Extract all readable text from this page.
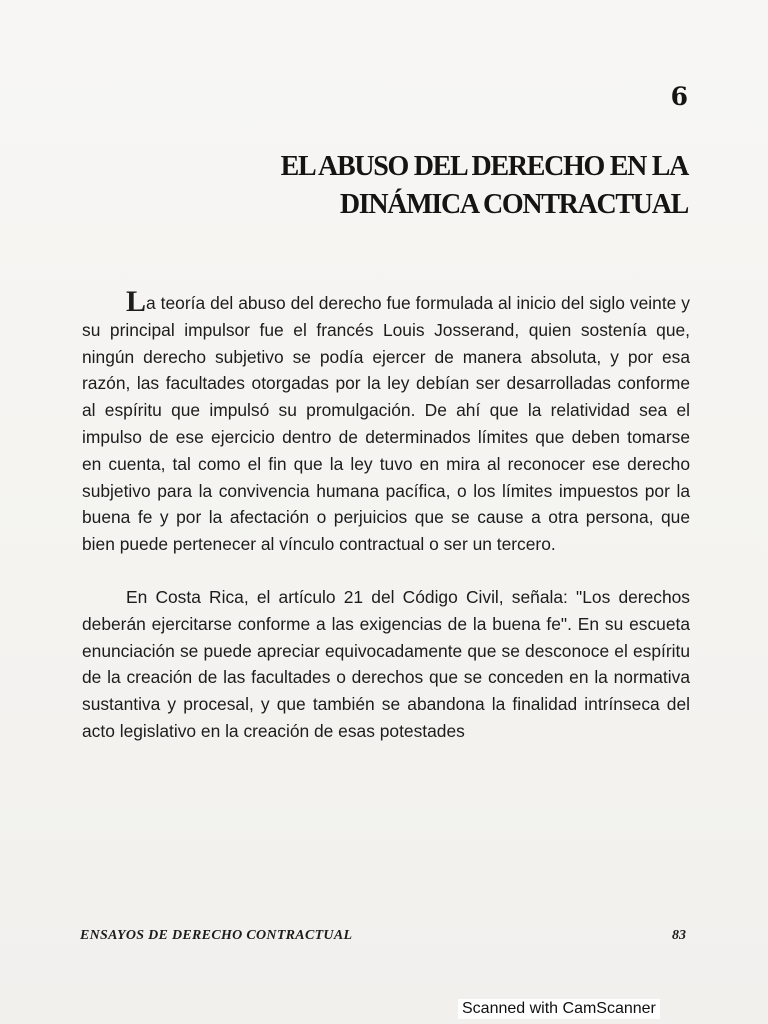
6
EL ABUSO DEL DERECHO EN LA
DINÁMICA CONTRACTUAL

La teoría del abuso del derecho fue formulada al inicio del siglo veinte y su principal impulsor fue el francés Louis Josserand, quien sostenía que, ningún derecho subjetivo se podía ejercer de manera absoluta, y por esa razón, las facultades otorgadas por la ley debían ser desarrolladas conforme al espíritu que impulsó su promulgación. De ahí que la relatividad sea el impulso de ese ejercicio dentro de determinados límites que deben tomarse en cuenta, tal como el fin que la ley tuvo en mira al reconocer ese derecho subjetivo para la convivencia humana pacífica, o los límites impuestos por la buena fe y por la afectación o perjuicios que se cause a otra persona, que bien puede pertenecer al vínculo contractual o ser un tercero.

En Costa Rica, el artículo 21 del Código Civil, señala: "Los derechos deberán ejercitarse conforme a las exigencias de la buena fe". En su escueta enunciación se puede apreciar equivocadamente que se desconoce el espíritu de la creación de las facultades o derechos que se conceden en la normativa sustantiva y procesal, y que también se abandona la finalidad intrínseca del acto legislativo en la creación de esas potestades

ENSAYOS DE DERECHO CONTRACTUAL	83
Scanned with CamScanner
